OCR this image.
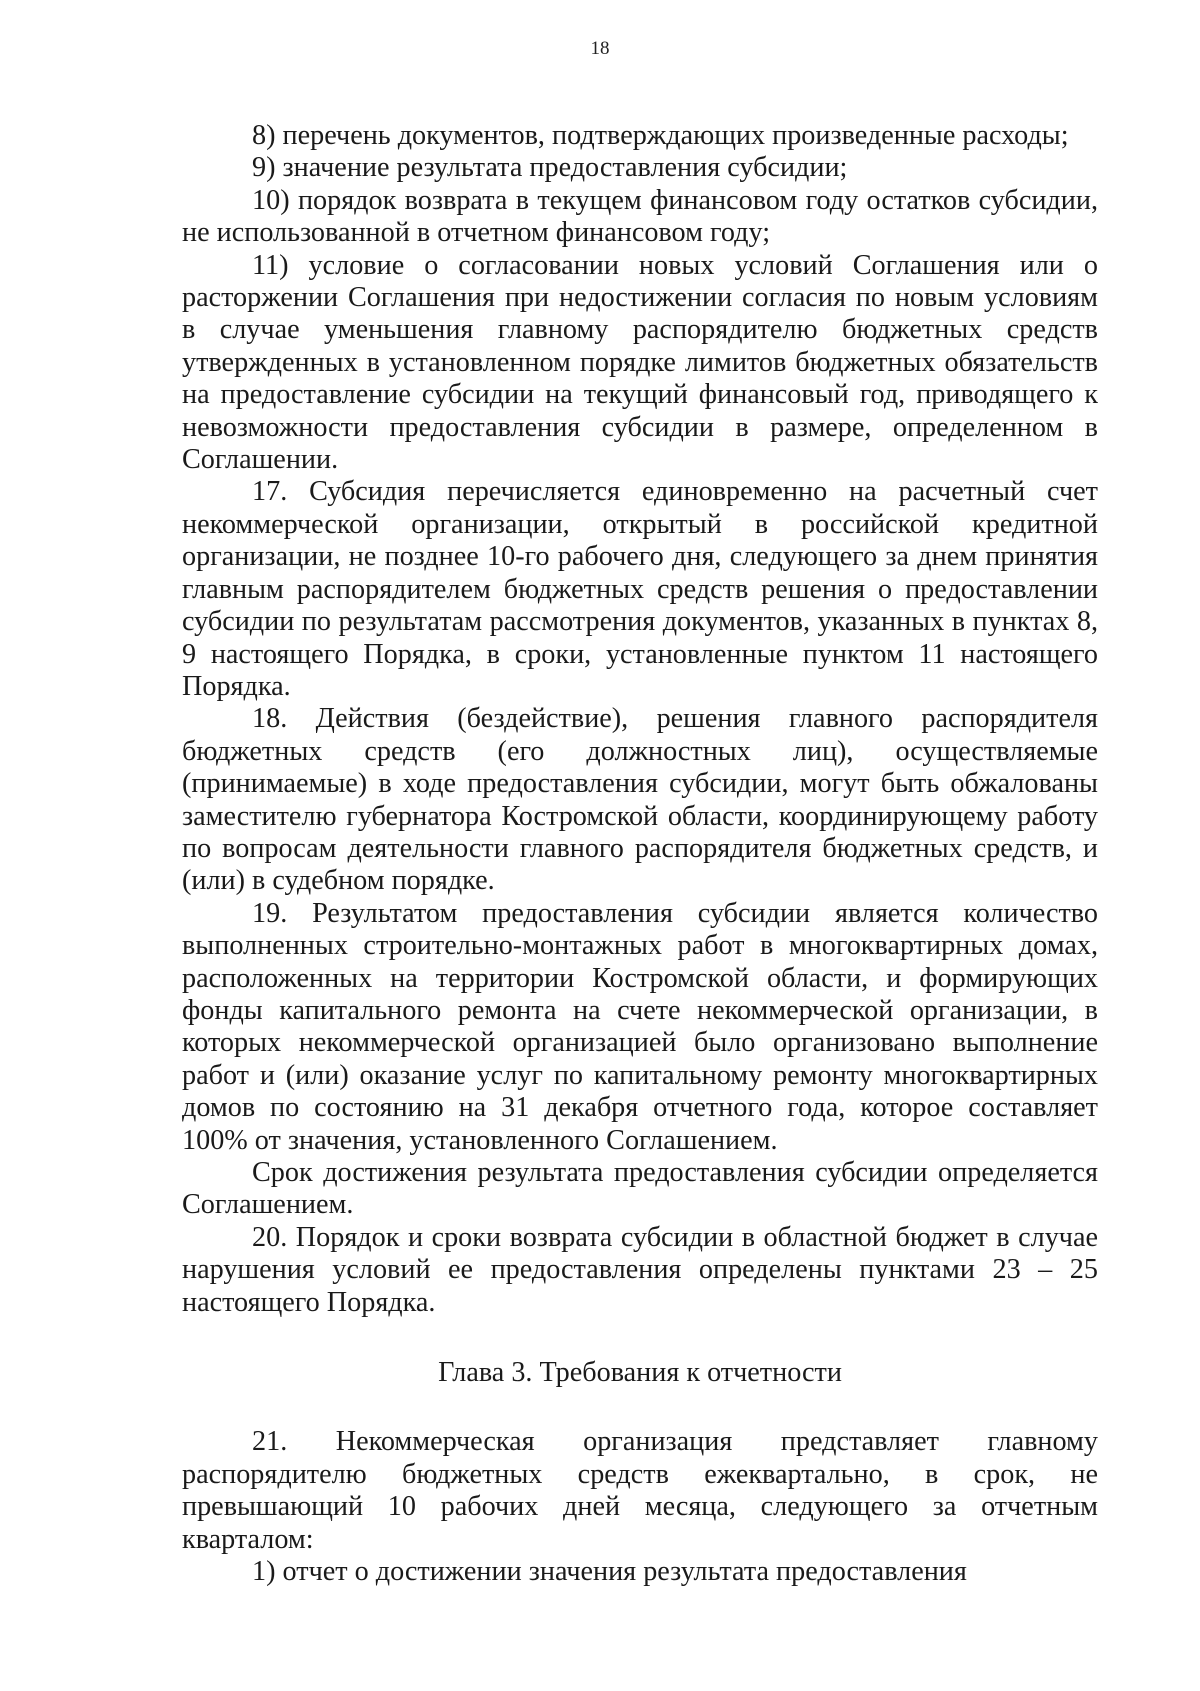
18

8) перечень документов, подтверждающих произведенные расходы;

9) значение результата предоставления субсидии;

10) порядок возврата в текущем финансовом году остатков субсидии, не использованной в отчетном финансовом году;

11) условие о согласовании новых условий Соглашения или о расторжении Соглашения при недостижении согласия по новым условиям в случае уменьшения главному распорядителю бюджетных средств утвержденных в установленном порядке лимитов бюджетных обязательств на предоставление субсидии на текущий финансовый год, приводящего к невозможности предоставления субсидии в размере, определенном в Соглашении.

17. Субсидия перечисляется единовременно на расчетный счет некоммерческой организации, открытый в российской кредитной организации, не позднее 10-го рабочего дня, следующего за днем принятия главным распорядителем бюджетных средств решения о предоставлении субсидии по результатам рассмотрения документов, указанных в пунктах 8, 9 настоящего Порядка, в сроки, установленные пунктом 11 настоящего Порядка.

18. Действия (бездействие), решения главного распорядителя бюджетных средств (его должностных лиц), осуществляемые (принимаемые) в ходе предоставления субсидии, могут быть обжалованы заместителю губернатора Костромской области, координирующему работу по вопросам деятельности главного распорядителя бюджетных средств, и (или) в судебном порядке.

19. Результатом предоставления субсидии является количество выполненных строительно-монтажных работ в многоквартирных домах, расположенных на территории Костромской области, и формирующих фонды капитального ремонта на счете некоммерческой организации, в которых некоммерческой организацией было организовано выполнение работ и (или) оказание услуг по капитальному ремонту многоквартирных домов по состоянию на 31 декабря отчетного года, которое составляет 100% от значения, установленного Соглашением.

Срок достижения результата предоставления субсидии определяется Соглашением.

20. Порядок и сроки возврата субсидии в областной бюджет в случае нарушения условий ее предоставления определены пунктами 23 – 25 настоящего Порядка.

Глава 3. Требования к отчетности

21. Некоммерческая организация представляет главному распорядителю бюджетных средств ежеквартально, в срок, не превышающий 10 рабочих дней месяца, следующего за отчетным кварталом:

1) отчет о достижении значения результата предоставления
